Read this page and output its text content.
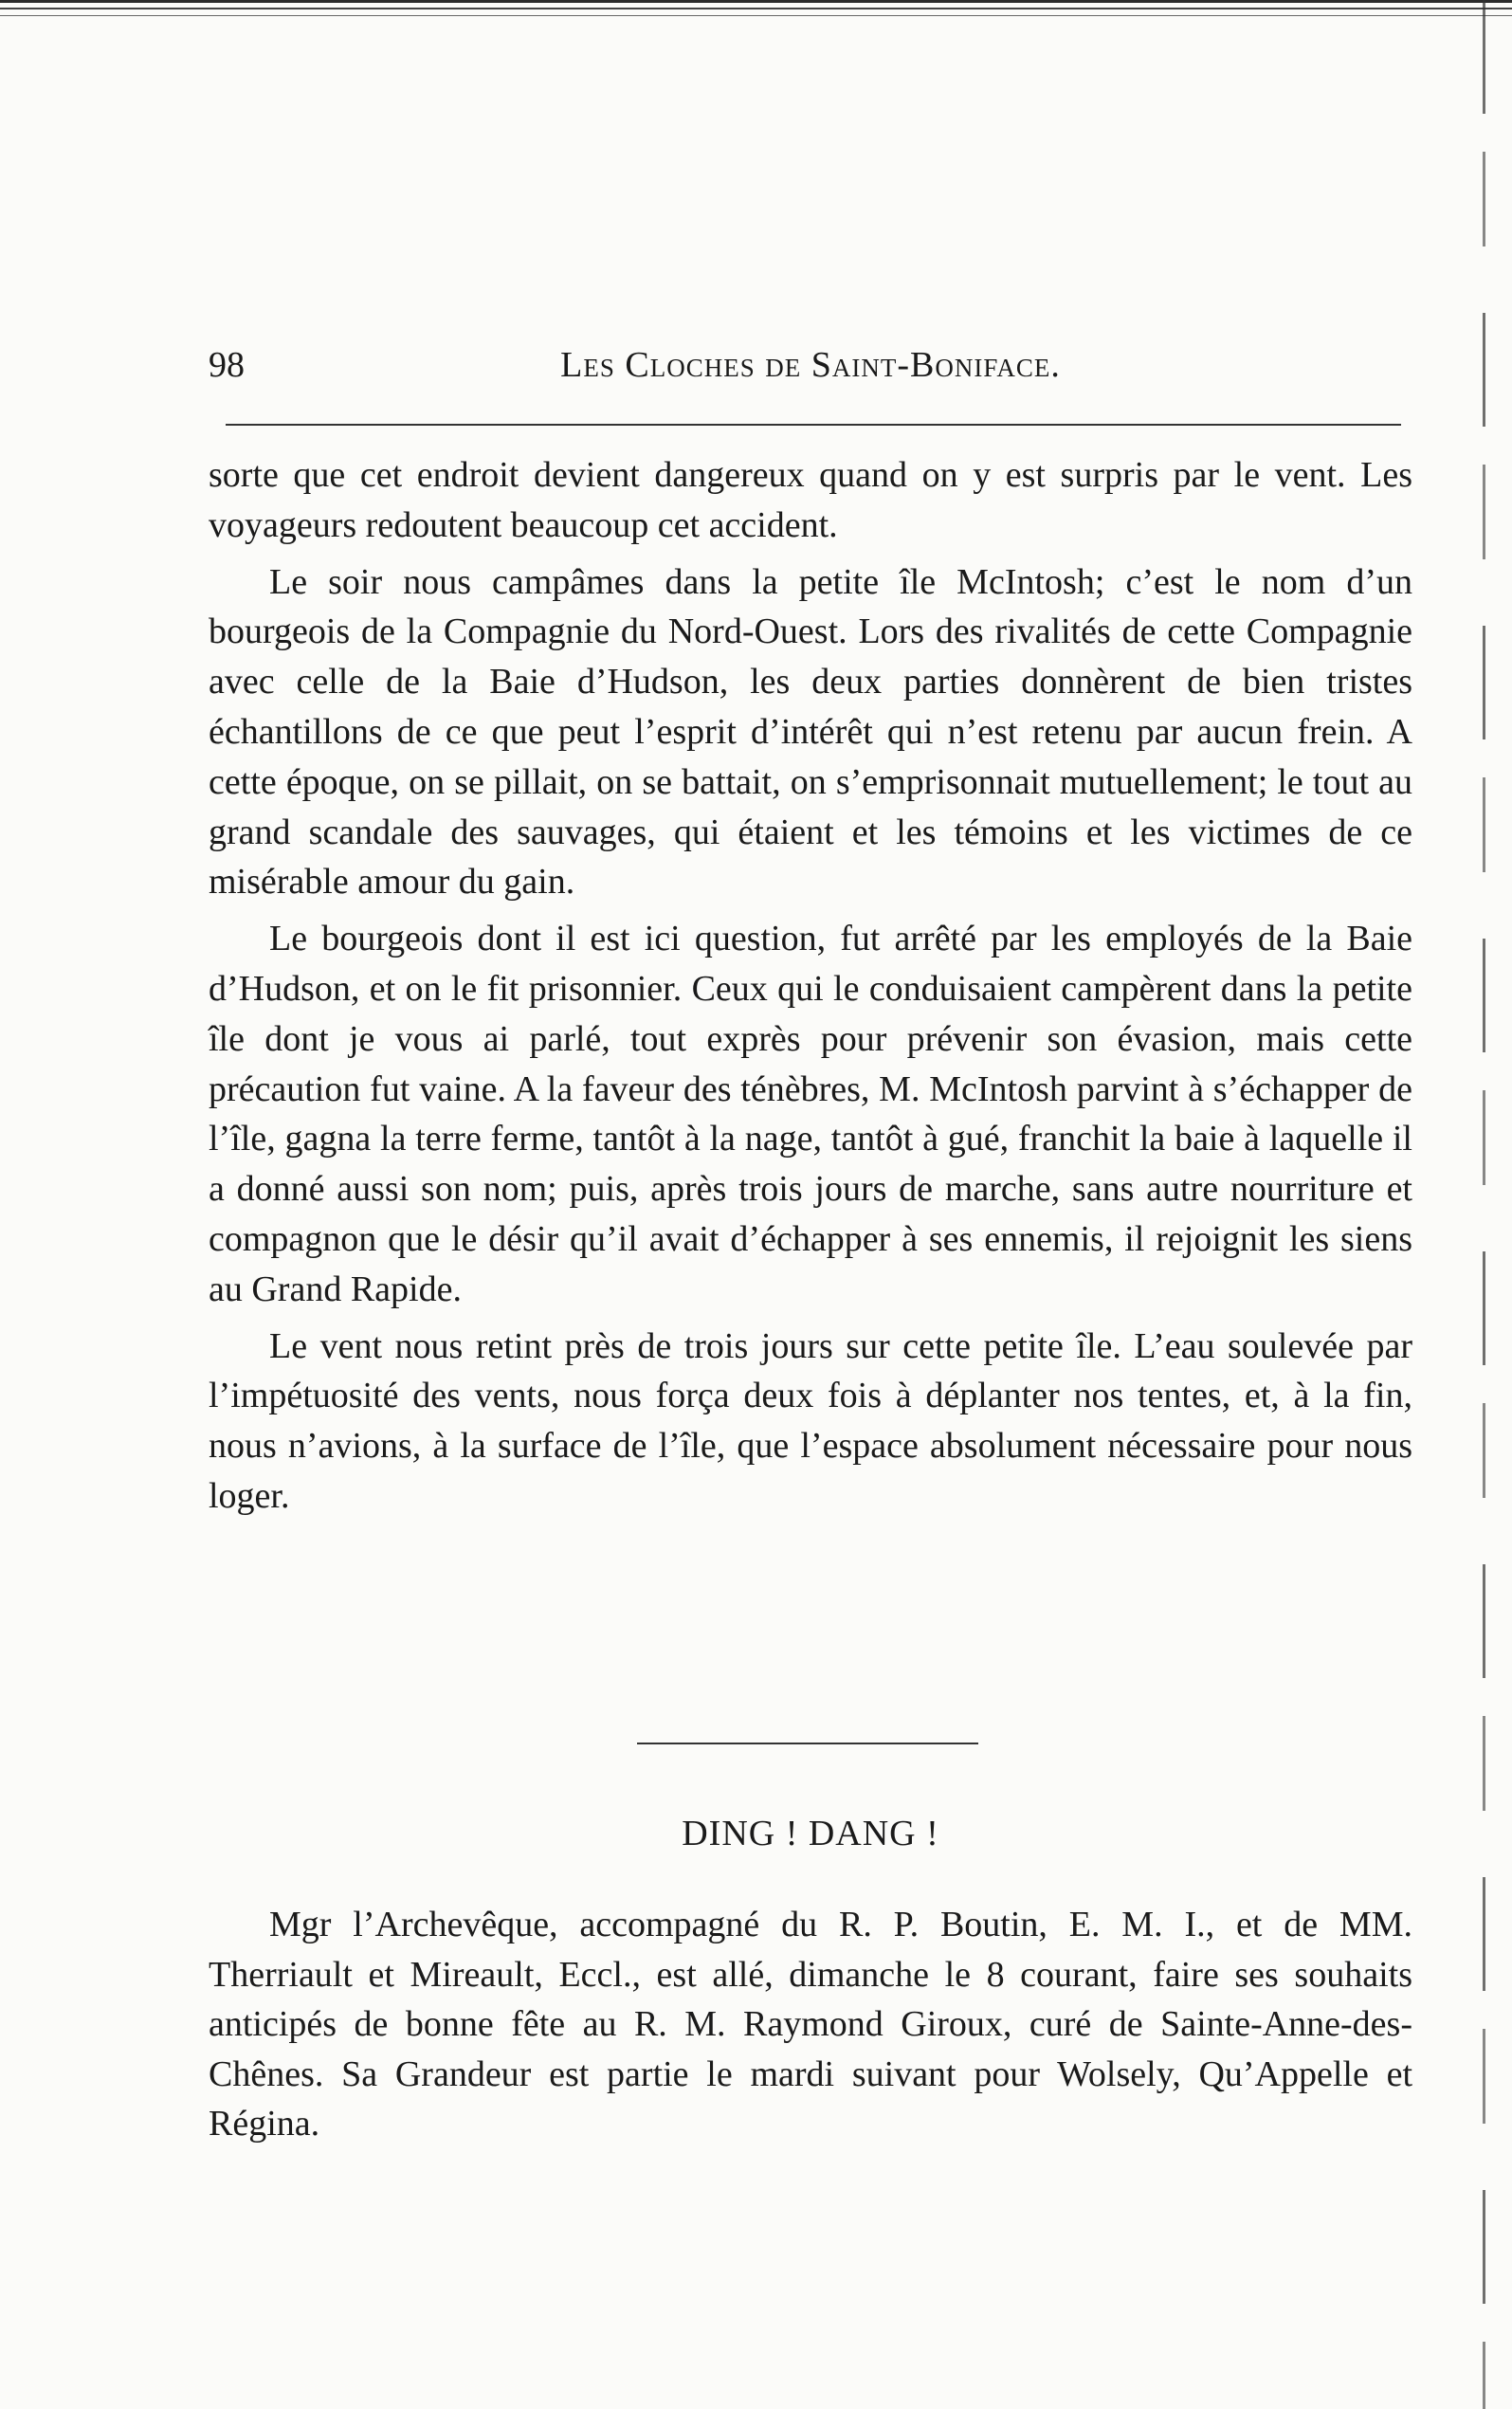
98	Les Cloches de Saint-Boniface.

sorte que cet endroit devient dangereux quand on y est surpris par le vent. Les voyageurs redoutent beaucoup cet accident.

Le soir nous campâmes dans la petite île McIntosh; c’est le nom d’un bourgeois de la Compagnie du Nord-Ouest. Lors des rivalités de cette Compagnie avec celle de la Baie d’Hudson, les deux parties donnèrent de bien tristes échantillons de ce que peut l’esprit d’intérêt qui n’est retenu par aucun frein. A cette époque, on se pillait, on se battait, on s’emprisonnait mutuellement; le tout au grand scandale des sauvages, qui étaient et les témoins et les victimes de ce misérable amour du gain.

Le bourgeois dont il est ici question, fut arrêté par les employés de la Baie d’Hudson, et on le fit prisonnier. Ceux qui le conduisaient campèrent dans la petite île dont je vous ai parlé, tout exprès pour prévenir son évasion, mais cette précaution fut vaine. A la faveur des ténèbres, M. McIntosh parvint à s’échapper de l’île, gagna la terre ferme, tantôt à la nage, tantôt à gué, franchit la baie à laquelle il a donné aussi son nom; puis, après trois jours de marche, sans autre nourriture et compagnon que le désir qu’il avait d’échapper à ses ennemis, il rejoignit les siens au Grand Rapide.

Le vent nous retint près de trois jours sur cette petite île. L’eau soulevée par l’impétuosité des vents, nous força deux fois à déplanter nos tentes, et, à la fin, nous n’avions, à la surface de l’île, que l’espace absolument nécessaire pour nous loger.

DING ! DANG !

Mgr l’Archevêque, accompagné du R. P. Boutin, E. M. I., et de MM. Therriault et Mireault, Eccl., est allé, dimanche le 8 courant, faire ses souhaits anticipés de bonne fête au R. M. Raymond Giroux, curé de Sainte-Anne-des-Chênes. Sa Grandeur est partie le mardi suivant pour Wolsely, Qu’Appelle et Régina.
